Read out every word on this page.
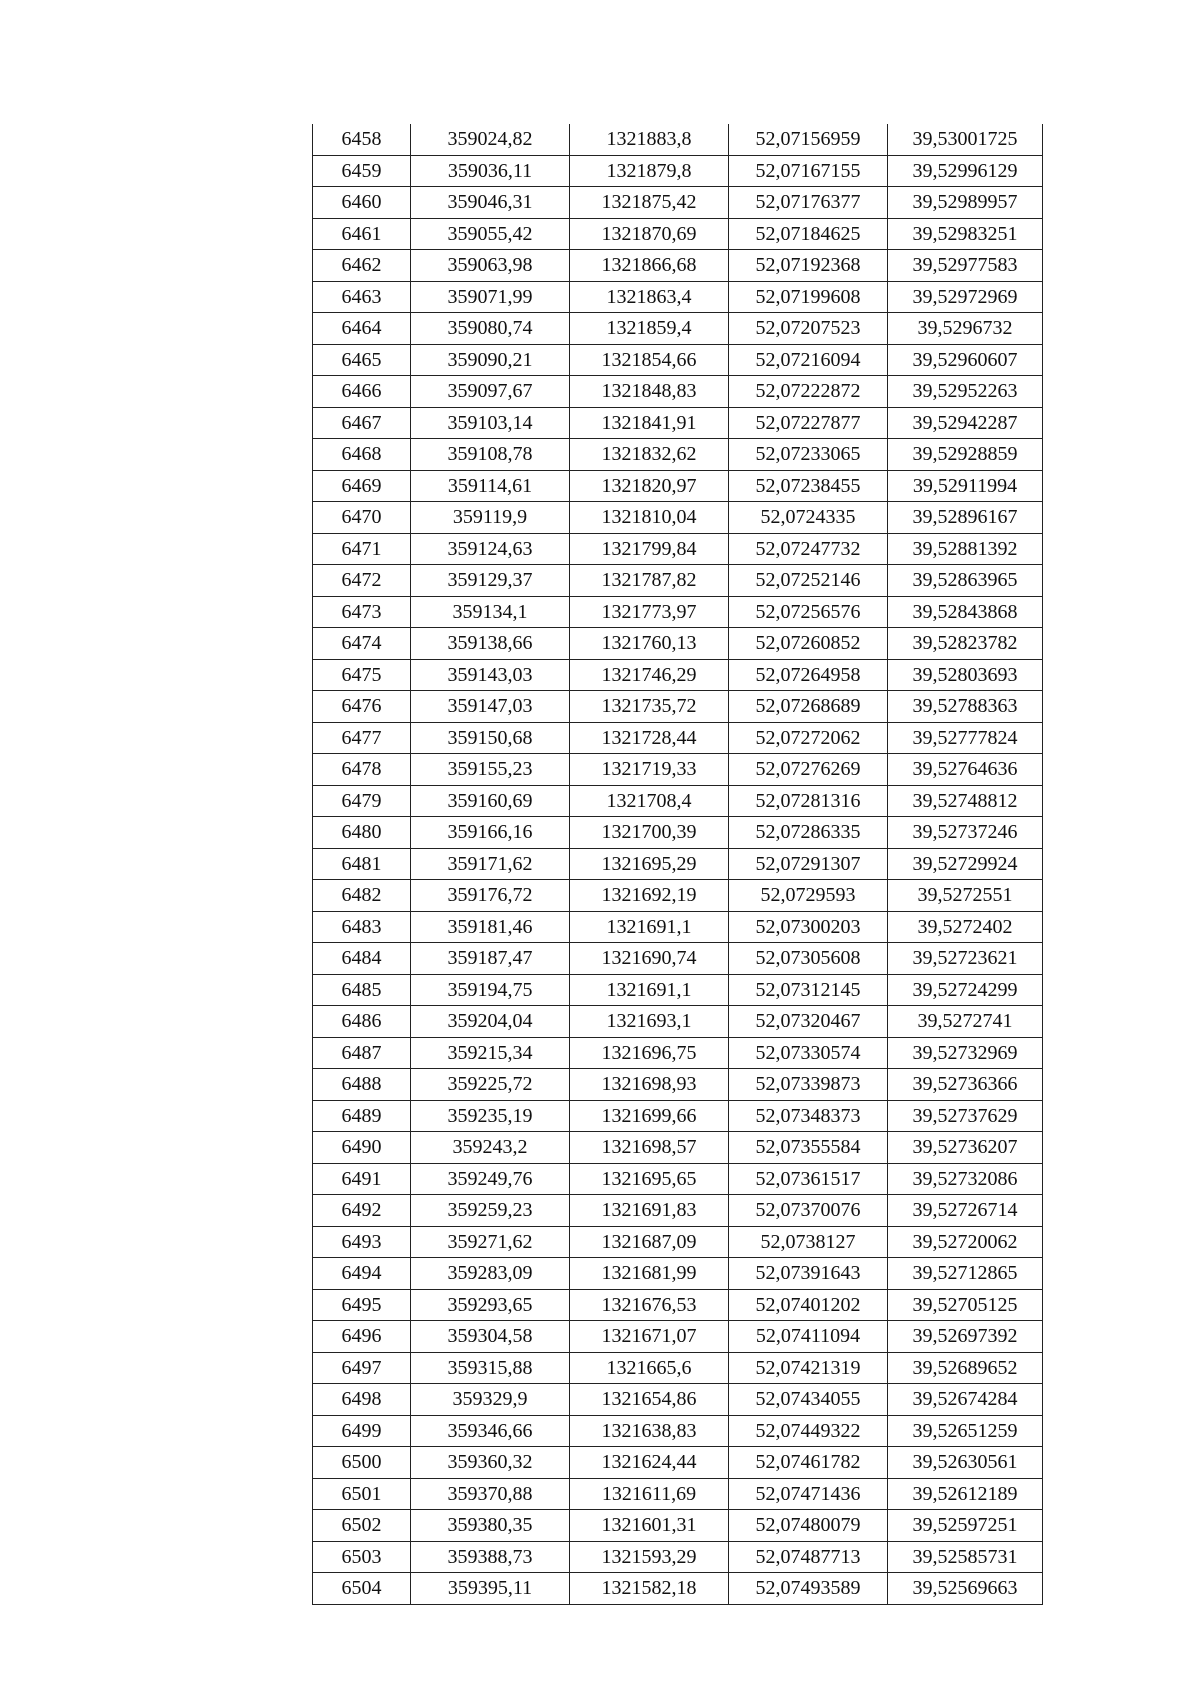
6458	359024,82	1321883,8	52,07156959	39,53001725
6459	359036,11	1321879,8	52,07167155	39,52996129
6460	359046,31	1321875,42	52,07176377	39,52989957
6461	359055,42	1321870,69	52,07184625	39,52983251
6462	359063,98	1321866,68	52,07192368	39,52977583
6463	359071,99	1321863,4	52,07199608	39,52972969
6464	359080,74	1321859,4	52,07207523	39,5296732
6465	359090,21	1321854,66	52,07216094	39,52960607
6466	359097,67	1321848,83	52,07222872	39,52952263
6467	359103,14	1321841,91	52,07227877	39,52942287
6468	359108,78	1321832,62	52,07233065	39,52928859
6469	359114,61	1321820,97	52,07238455	39,52911994
6470	359119,9	1321810,04	52,0724335	39,52896167
6471	359124,63	1321799,84	52,07247732	39,52881392
6472	359129,37	1321787,82	52,07252146	39,52863965
6473	359134,1	1321773,97	52,07256576	39,52843868
6474	359138,66	1321760,13	52,07260852	39,52823782
6475	359143,03	1321746,29	52,07264958	39,52803693
6476	359147,03	1321735,72	52,07268689	39,52788363
6477	359150,68	1321728,44	52,07272062	39,52777824
6478	359155,23	1321719,33	52,07276269	39,52764636
6479	359160,69	1321708,4	52,07281316	39,52748812
6480	359166,16	1321700,39	52,07286335	39,52737246
6481	359171,62	1321695,29	52,07291307	39,52729924
6482	359176,72	1321692,19	52,0729593	39,5272551
6483	359181,46	1321691,1	52,07300203	39,5272402
6484	359187,47	1321690,74	52,07305608	39,52723621
6485	359194,75	1321691,1	52,07312145	39,52724299
6486	359204,04	1321693,1	52,07320467	39,5272741
6487	359215,34	1321696,75	52,07330574	39,52732969
6488	359225,72	1321698,93	52,07339873	39,52736366
6489	359235,19	1321699,66	52,07348373	39,52737629
6490	359243,2	1321698,57	52,07355584	39,52736207
6491	359249,76	1321695,65	52,07361517	39,52732086
6492	359259,23	1321691,83	52,07370076	39,52726714
6493	359271,62	1321687,09	52,0738127	39,52720062
6494	359283,09	1321681,99	52,07391643	39,52712865
6495	359293,65	1321676,53	52,07401202	39,52705125
6496	359304,58	1321671,07	52,07411094	39,52697392
6497	359315,88	1321665,6	52,07421319	39,52689652
6498	359329,9	1321654,86	52,07434055	39,52674284
6499	359346,66	1321638,83	52,07449322	39,52651259
6500	359360,32	1321624,44	52,07461782	39,52630561
6501	359370,88	1321611,69	52,07471436	39,52612189
6502	359380,35	1321601,31	52,07480079	39,52597251
6503	359388,73	1321593,29	52,07487713	39,52585731
6504	359395,11	1321582,18	52,07493589	39,52569663
